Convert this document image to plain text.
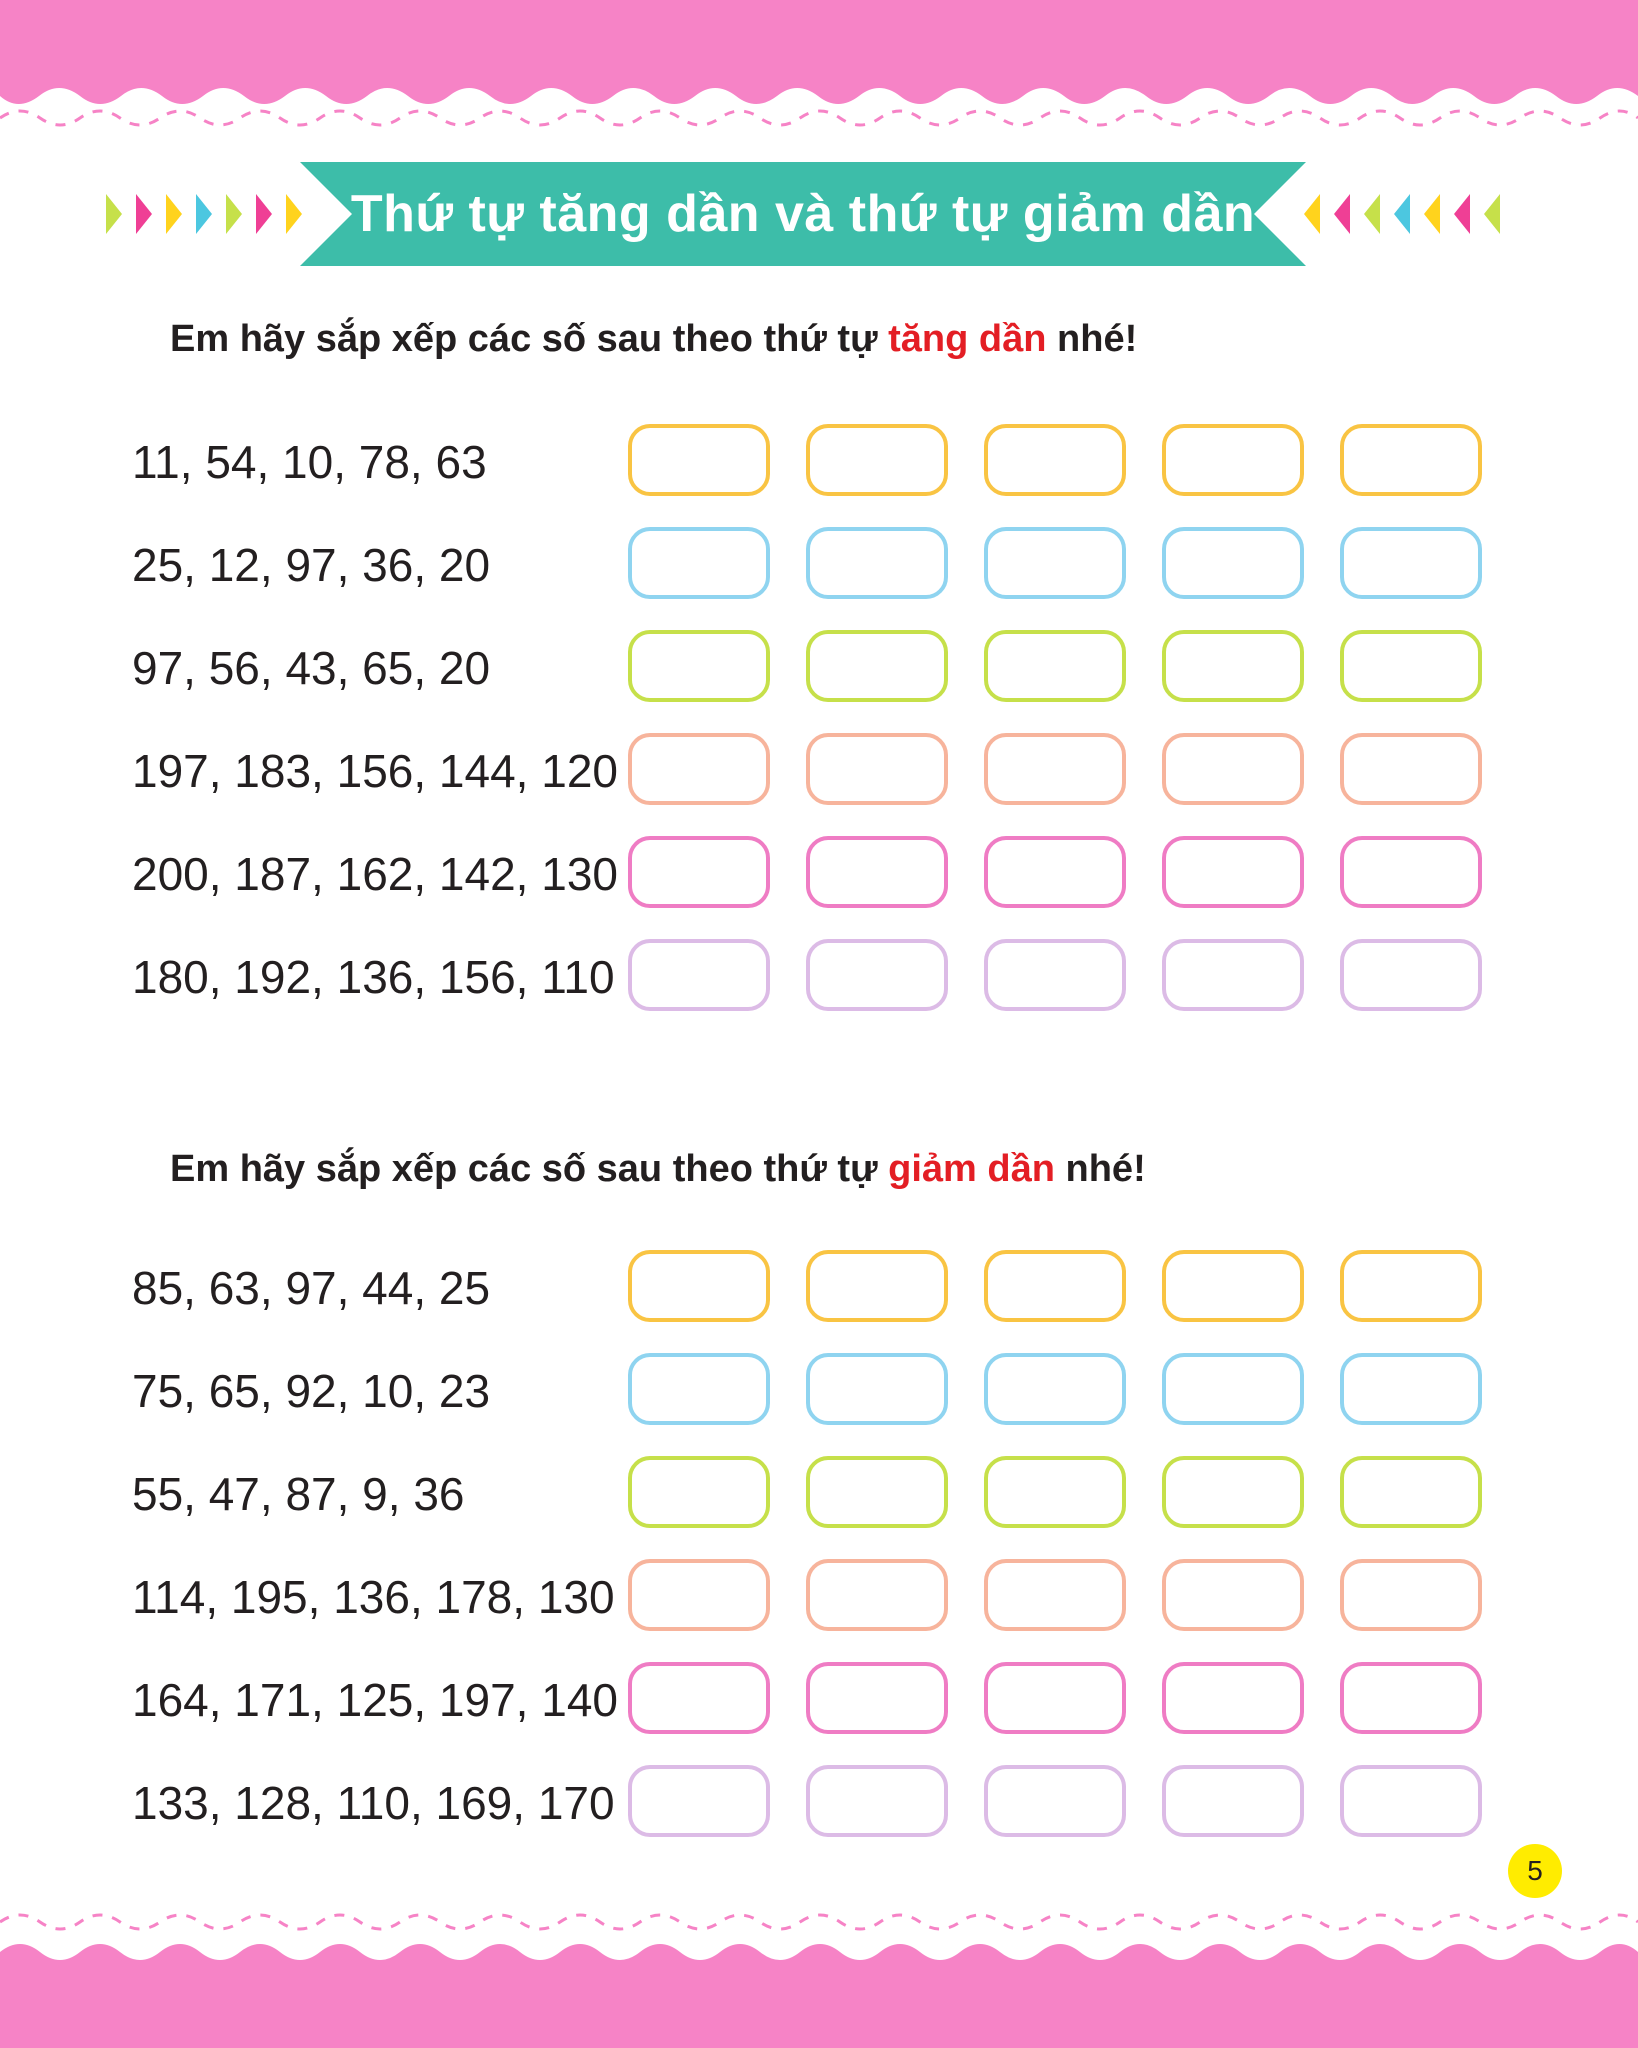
Thứ tự tăng dần và thứ tự giảm dần
Em hãy sắp xếp các số sau theo thứ tự tăng dần nhé!
11, 54, 10, 78, 63
25, 12, 97, 36, 20
97, 56, 43, 65, 20
197, 183, 156, 144, 120
200, 187, 162, 142, 130
180, 192, 136, 156, 110
Em hãy sắp xếp các số sau theo thứ tự giảm dần nhé!
85, 63, 97, 44, 25
75, 65, 92, 10, 23
55, 47, 87, 9, 36
114, 195, 136, 178, 130
164, 171, 125, 197, 140
133, 128, 110, 169, 170
5
